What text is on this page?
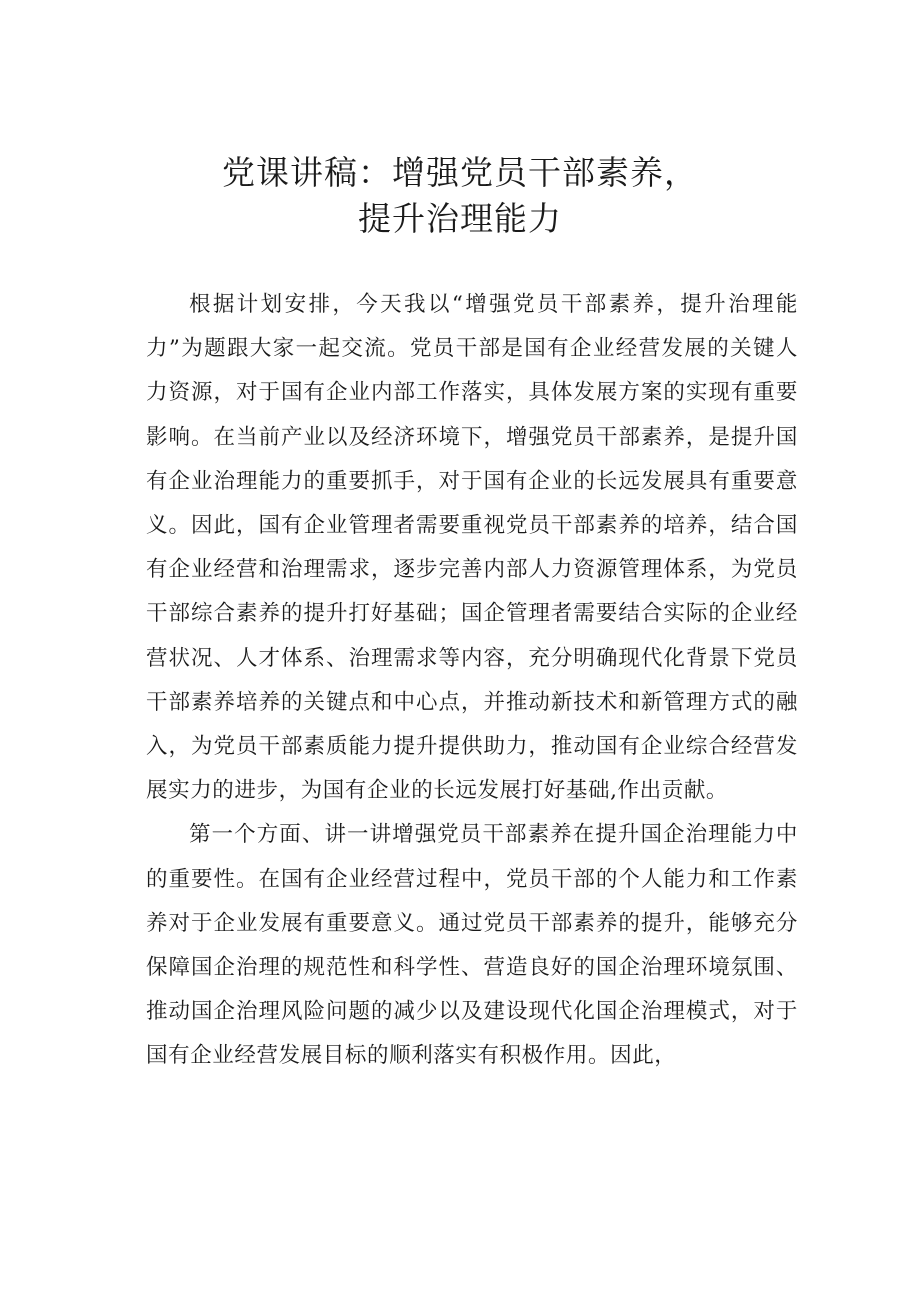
党课讲稿：增强党员干部素养，
提升治理能力

根据计划安排，今天我以“增强党员干部素养，提升治理能力”为题跟大家一起交流。党员干部是国有企业经营发展的关键人力资源，对于国有企业内部工作落实，具体发展方案的实现有重要影响。在当前产业以及经济环境下，增强党员干部素养，是提升国有企业治理能力的重要抓手，对于国有企业的长远发展具有重要意义。因此，国有企业管理者需要重视党员干部素养的培养，结合国有企业经营和治理需求，逐步完善内部人力资源管理体系，为党员干部综合素养的提升打好基础；国企管理者需要结合实际的企业经营状况、人才体系、治理需求等内容，充分明确现代化背景下党员干部素养培养的关键点和中心点，并推动新技术和新管理方式的融入，为党员干部素质能力提升提供助力，推动国有企业综合经营发展实力的进步，为国有企业的长远发展打好基础,作出贡献。

第一个方面、讲一讲增强党员干部素养在提升国企治理能力中的重要性。在国有企业经营过程中，党员干部的个人能力和工作素养对于企业发展有重要意义。通过党员干部素养的提升，能够充分保障国企治理的规范性和科学性、营造良好的国企治理环境氛围、推动国企治理风险问题的减少以及建设现代化国企治理模式，对于国有企业经营发展目标的顺利落实有积极作用。因此，
